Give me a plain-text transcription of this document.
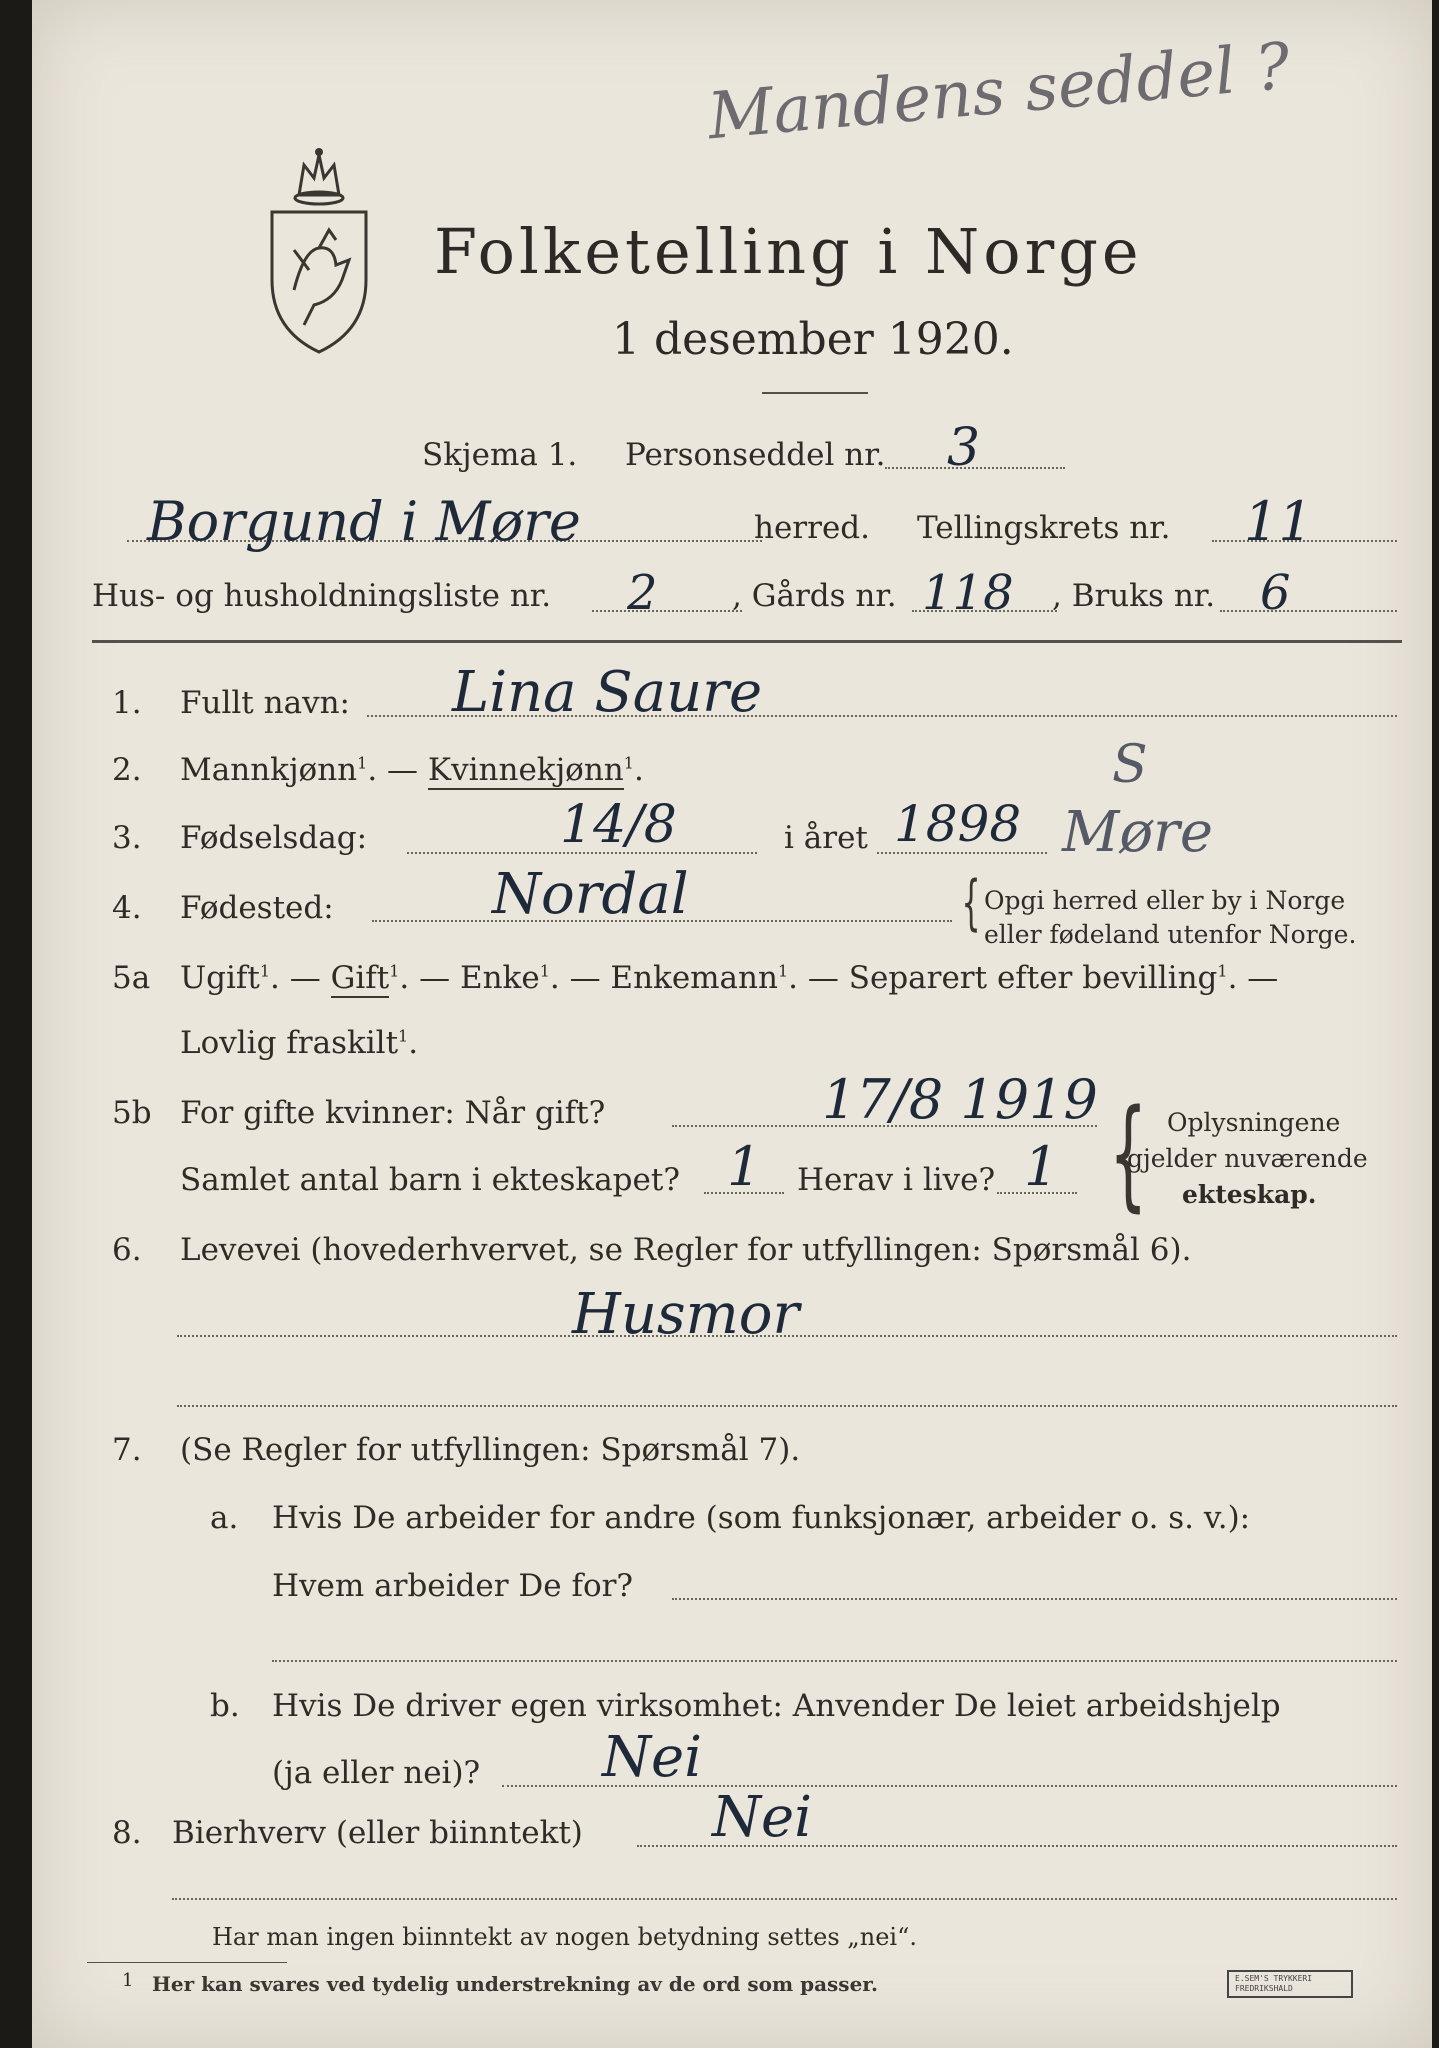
Mandens seddel ?
Folketelling i Norge
1 desember 1920.
Skjema 1. Personseddel nr. 3
Borgund i Møre	herred. Tellingskrets nr. 11
Hus- og husholdningsliste nr. 2 , Gårds nr. 118 , Bruks nr. 6
1. Fullt navn: Lina Saure
2. Mannkjønn$^1$. — Kvinnekjønn$^1$.	S
3. Fødselsdag:	14/8	i året 1898 Møre
4. Fødested:	Nordal	{ Opgi herred eller by i Norge
eller fødeland utenfor Norge.
5a Ugift$^1$. — Gift$^1$. — Enke$^1$. — Enkemann$^1$. — Separert efter bevilling$^1$. —
Lovlig fraskilt$^1$.
5b For gifte kvinner: Når gift?	17/8 1919
Samlet antal barn i ekteskapet? 1 Herav i live? 1 { Oplysningene
gjelder nuværende
ekteskap.
6. Levevei (hovederhvervet, se Regler for utfyllingen: Spørsmål 6).
Husmor
7. (Se Regler for utfyllingen: Spørsmål 7).
a. Hvis De arbeider for andre (som funksjonær, arbeider o. s. v.):
Hvem arbeider De for?
b. Hvis De driver egen virksomhet: Anvender De leiet arbeidshjelp
(ja eller nei)? Nei
8. Bierhverv (eller biinntekt) Nei
Har man ingen biinntekt av nogen betydning settes „nei“.
1 Her kan svares ved tydelig understrekning av de ord som passer.	E.SEM'S TRYKKERI FREDRIKSHALD
